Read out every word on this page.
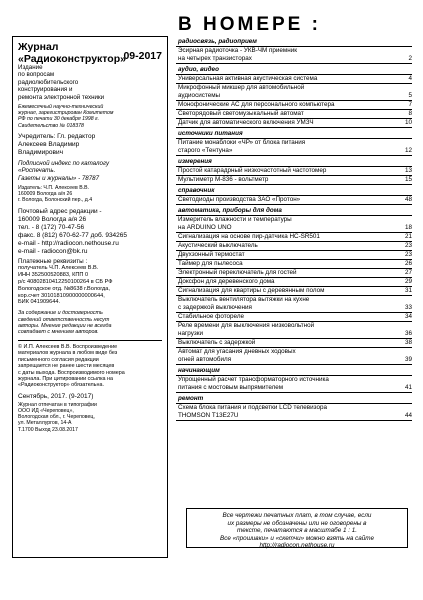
Журнал
«Радиоконструктор»
09-2017
Издание
по вопросам
радиолюбительского
конструирования и
ремонта электронной техники
Ежемесячный научно-технический
журнал, зарегистрирован Комитетом
РФ по печати 30 декабря 1998 г.
Свидетельство № 018378
Учредитель: Гл. редактор
Алексеев Владимир
Владимирович
Подписной индекс по каталогу
«Роспечать.
Газеты и журналы» - 78787
Издатель: Ч.П. Алексеев В.В.
160009 Вологда а/я 26
г. Вологда, Болонский пер., д.4
Почтовый адрес редакции -
160009 Вологда а/я 26
тел. - 8 (172) 70-47-56
факс. 8 (812) 670-62-77 доб. 934265
e-mail - http://radiocon.nethouse.ru
e-mail - radiocon@bk.ru
Платежные реквизиты :
получатель Ч.П. Алексеев В.В.
ИНН 352500520883, КПП 0
р/с 40802810412250100264 в СБ РФ
Вологодское отд. №8638 г.Вологда,
кор.счет 30101810900000000644,
БИК 041909644.
За содержание и достоверность
сведений ответственность несут
авторы. Мнение редакции не всегда
совпадает с мнением авторов.
© И.П. Алексеев В.В. Воспроизведение
материалов журнала в любом виде без
письменного согласия редакции
запрещается не ранее шести месяцев
с даты выхода. Воспроизводимого номера
журнала. При цитировании ссылка на
«Радиоконструктор» обязательна.
Сентябрь, 2017. (9-2017)
Журнал отпечатан в типографии
ООО ИД «Череповец»,
Вологодская обл., г. Череповец,
ул. Металлургов, 14-А
Т.1700 Выход 23.08.2017
В НОМЕРЕ :
радиосвязь, радиоприем
Эсирная радиоточка - УКВ-ЧМ приемник
на четырех транзисторах	2
аудио, видео
Универсальная активная акустическая система	4
Микрофонный микшер для автомобильной
аудиосистемы	5
Монофонические АС для персонального компьютера	7
Светорядовый светомузыкальный автомат	8
Датчик для автоматического включения УМЗЧ	10
источники питания
Питание монаблоки «ЧР» от блока питания
старого «Тентуна»	12
измерения
Простой катарадрный низкочастотный частотомер	13
Мультиметр М-836 - вольтметр	15
справочник
Светодиоды производства ЗАО «Протон»	48
автоматика, приборы для дома
Измеритель влажности и температуры
на ARDUINO UNO	18
Сигнализация на основе пир-датчика HC-SR501	21
Акустический выключатель	23
Двухзонный термостат	23
Таймер для пылесоса	26
Электронный переключатель для гостей	27
Доксфон для деревенского дома	29
Сигнализация для квартиры с деревянным полом	31
Выключатель вентилятора вытяжки на кухне
с задержкой выключения	33
Стабильное фотореле	34
Реле времени для выключения низковольтной
нагрузки	36
Выключатель с задержкой	38
Автомат для угасания дневных ходовых
огней автомобиля	39
начинающим
Упрощенный расчет трансформаторного источника
питания с мостовым выпрямителем	41
ремонт
Схема блока питания и подсветки LCD телевизора
THOMSON T13E27U	44
Все чертежи печатных плат, в том случае, если
их размеры не обозначены или не оговорены в
тексте, печатаются в масштабе 1 : 1.
Все «прошивки» и «скетчи» можно взять на сайте
http://radiocon.nethouse.ru
